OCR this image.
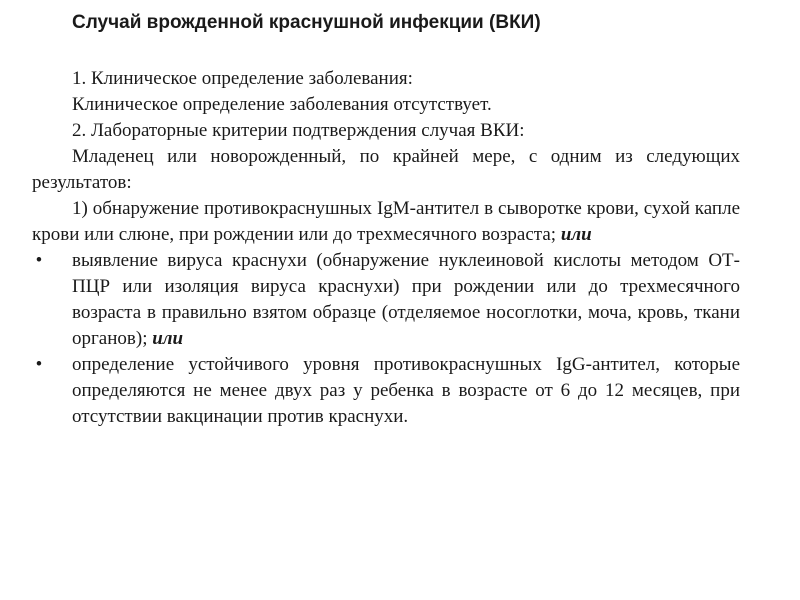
Случай врожденной краснушной инфекции (ВКИ)

1. Клиническое определение заболевания:

Клиническое определение заболевания отсутствует.

2. Лабораторные критерии подтверждения случая ВКИ:

Младенец или новорожденный, по крайней мере, с одним из следующих результатов:

1) обнаружение противокраснушных IgM-антител в сыворотке крови, сухой капле крови или слюне, при рождении или до трехмесячного возраста; или

• выявление вируса краснухи (обнаружение нуклеиновой кислоты методом ОТ-ПЦР или изоляция вируса краснухи) при рождении или до трехмесячного возраста в правильно взятом образце (отделяемое носоглотки, моча, кровь, ткани органов); или

• определение устойчивого уровня противокраснушных IgG-антител, которые определяются не менее двух раз у ребенка в возрасте от 6 до 12 месяцев, при отсутствии вакцинации против краснухи.
